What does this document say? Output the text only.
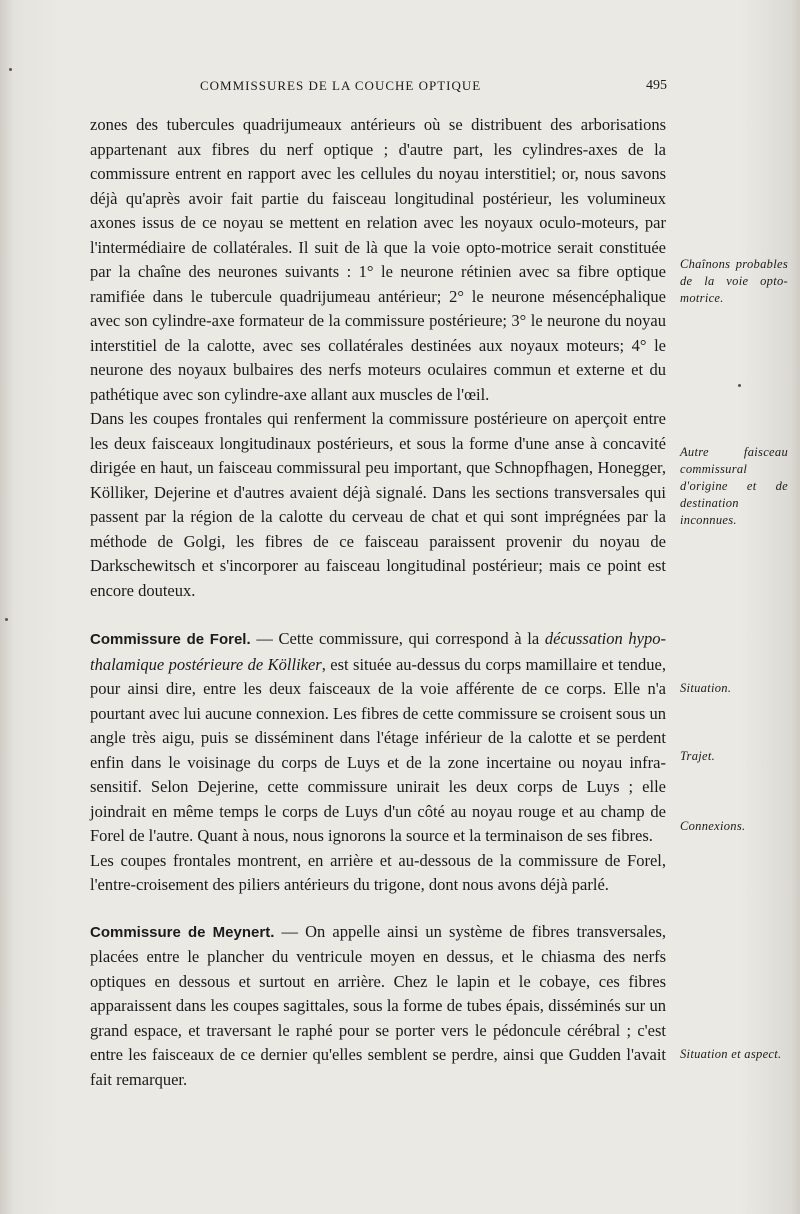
COMMISSURES DE LA COUCHE OPTIQUE	495

zones des tubercules quadrijumeaux antérieurs où se distribuent des arborisations appartenant aux fibres du nerf optique ; d'autre part, les cylindres-axes de la commissure entrent en rapport avec les cellules du noyau interstitiel; or, nous savons déjà qu'après avoir fait partie du faisceau longitudinal postérieur, les volumineux axones issus de ce noyau se mettent en relation avec les noyaux oculo-moteurs, par l'intermédiaire de collatérales. Il suit de là que la voie opto-motrice serait constituée par la chaîne des neurones suivants : 1° le neurone rétinien avec sa fibre optique ramifiée dans le tubercule quadrijumeau antérieur; 2° le neurone mésencéphalique avec son cylindre-axe formateur de la commissure postérieure; 3° le neurone du noyau interstitiel de la calotte, avec ses collatérales destinées aux noyaux moteurs; 4° le neurone des noyaux bulbaires des nerfs moteurs oculaires commun et externe et du pathétique avec son cylindre-axe allant aux muscles de l'œil.

Dans les coupes frontales qui renferment la commissure postérieure on aperçoit entre les deux faisceaux longitudinaux postérieurs, et sous la forme d'une anse à concavité dirigée en haut, un faisceau commissural peu important, que Schnopfhagen, Honegger, Kölliker, Dejerine et d'autres avaient déjà signalé. Dans les sections transversales qui passent par la région de la calotte du cerveau de chat et qui sont imprégnées par la méthode de Golgi, les fibres de ce faisceau paraissent provenir du noyau de Darkschewitsch et s'incorporer au faisceau longitudinal postérieur; mais ce point est encore douteux.

Commissure de Forel. — Cette commissure, qui correspond à la décussation hypo-thalamique postérieure de Kölliker, est située au-dessus du corps mamillaire et tendue, pour ainsi dire, entre les deux faisceaux de la voie afférente de ce corps. Elle n'a pourtant avec lui aucune connexion. Les fibres de cette commissure se croisent sous un angle très aigu, puis se disséminent dans l'étage inférieur de la calotte et se perdent enfin dans le voisinage du corps de Luys et de la zone incertaine ou noyau infra-sensitif. Selon Dejerine, cette commissure unirait les deux corps de Luys ; elle joindrait en même temps le corps de Luys d'un côté au noyau rouge et au champ de Forel de l'autre. Quant à nous, nous ignorons la source et la terminaison de ses fibres.

Les coupes frontales montrent, en arrière et au-dessous de la commissure de Forel, l'entre-croisement des piliers antérieurs du trigone, dont nous avons déjà parlé.

Commissure de Meynert. — On appelle ainsi un système de fibres transversales, placées entre le plancher du ventricule moyen en dessus, et le chiasma des nerfs optiques en dessous et surtout en arrière. Chez le lapin et le cobaye, ces fibres apparaissent dans les coupes sagittales, sous la forme de tubes épais, disséminés sur un grand espace, et traversant le raphé pour se porter vers le pédoncule cérébral ; c'est entre les faisceaux de ce dernier qu'elles semblent se perdre, ainsi que Gudden l'avait fait remarquer.

Chaînons probables de la voie opto-motrice.
Autre faisceau commissural d'origine et de destination inconnues.
Situation.
Trajet.
Connexions.
Situation et aspect.
